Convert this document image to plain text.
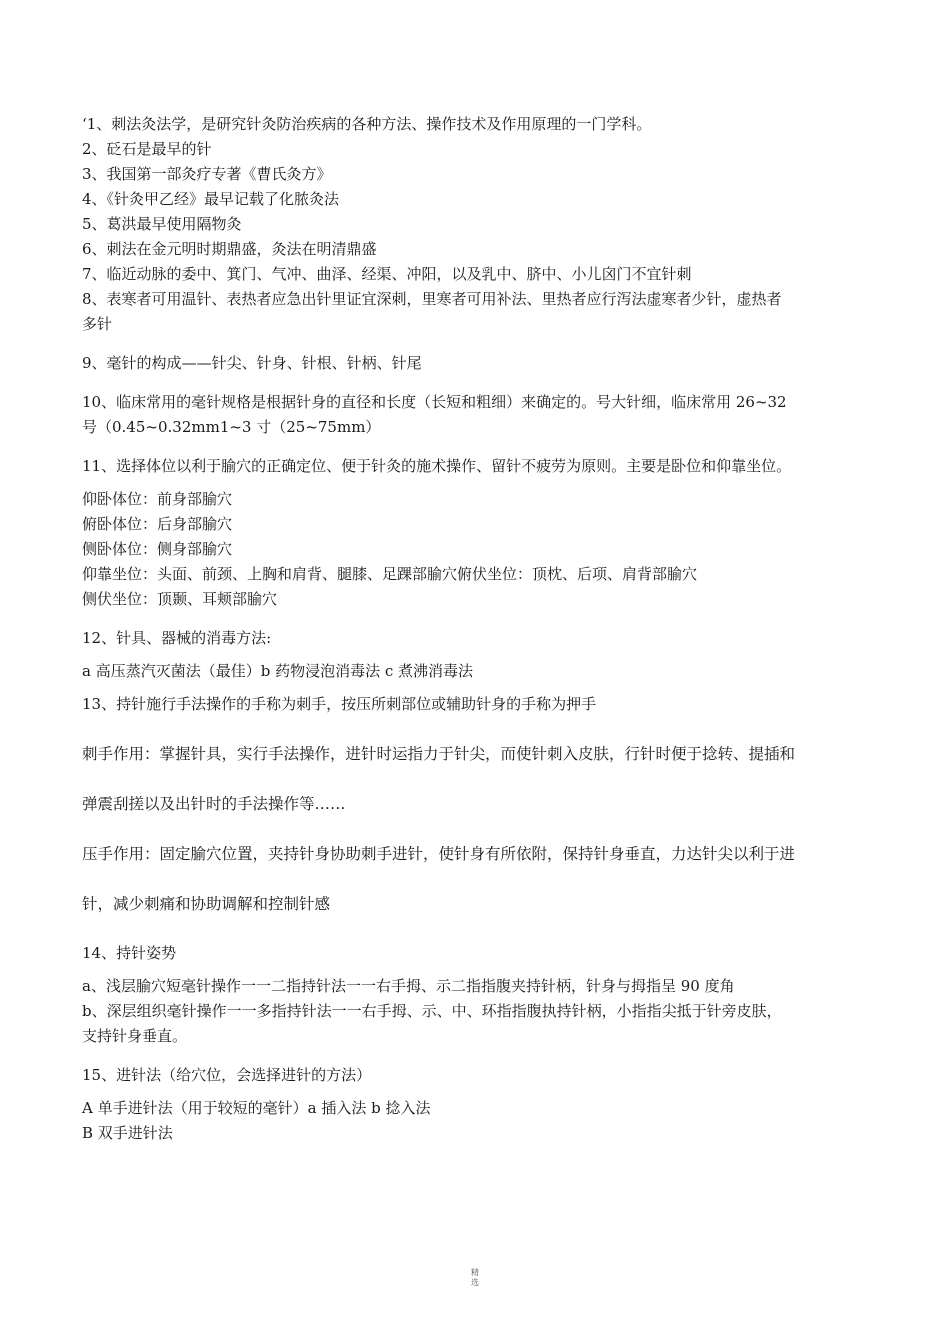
‘1、刺法灸法学，是研究针灸防治疾病的各种方法、操作技术及作用原理的一门学科。
2、砭石是最早的针
3、我国第一部灸疗专著《曹氏灸方》
4、《针灸甲乙经》最早记载了化脓灸法
5、葛洪最早使用隔物灸
6、刺法在金元明时期鼎盛，灸法在明清鼎盛
7、临近动脉的委中、箕门、气冲、曲泽、经渠、冲阳，以及乳中、脐中、小儿囟门不宜针刺
8、表寒者可用温针、表热者应急出针里证宜深刺，里寒者可用补法、里热者应行泻法虚寒者少针，虚热者
多针
9、毫针的构成——针尖、针身、针根、针柄、针尾
10、临床常用的毫针规格是根据针身的直径和长度（长短和粗细）来确定的。号大针细，临床常用 26~32
号（0.45~0.32mm1~3 寸（25~75mm）
11、选择体位以利于腧穴的正确定位、便于针灸的施术操作、留针不疲劳为原则。主要是卧位和仰靠坐位。
仰卧体位：前身部腧穴
俯卧体位：后身部腧穴
侧卧体位：侧身部腧穴
仰靠坐位：头面、前颈、上胸和肩背、腿膝、足踝部腧穴俯伏坐位：顶枕、后项、肩背部腧穴
侧伏坐位：顶颞、耳颊部腧穴
12、针具、器械的消毒方法:
a 高压蒸汽灭菌法（最佳）b 药物浸泡消毒法 c 煮沸消毒法
13、持针施行手法操作的手称为刺手，按压所刺部位或辅助针身的手称为押手
刺手作用：掌握针具，实行手法操作，进针时运指力于针尖，而使针刺入皮肤，行针时便于捻转、提插和
弹震刮搓以及出针时的手法操作等……
压手作用：固定腧穴位置，夹持针身协助刺手进针，使针身有所依附，保持针身垂直，力达针尖以利于进
针，减少刺痛和协助调解和控制针感
14、持针姿势
a、浅层腧穴短毫针操作一一二指持针法一一右手拇、示二指指腹夹持针柄，针身与拇指呈 90 度角
b、深层组织毫针操作一一多指持针法一一右手拇、示、中、环指指腹执持针柄，小指指尖抵于针旁皮肤，
支持针身垂直。
15、进针法（给穴位，会选择进针的方法）
A 单手进针法（用于较短的毫针）a 插入法 b 捻入法
B 双手进针法
精
选
